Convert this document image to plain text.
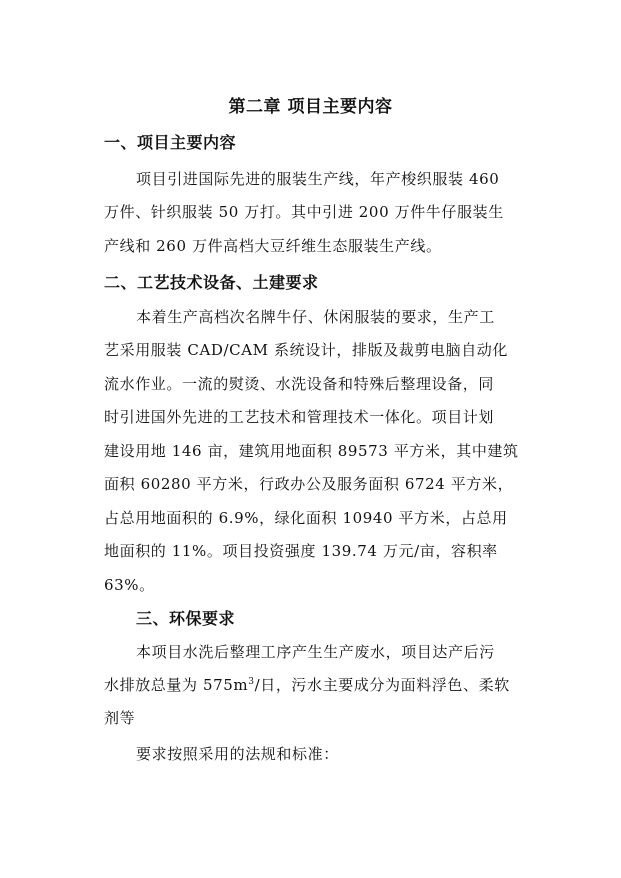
第二章 项目主要内容
一、项目主要内容
项目引进国际先进的服装生产线，年产梭织服装 460
万件、针织服装 50 万打。其中引进 200 万件牛仔服装生
产线和 260 万件高档大豆纤维生态服装生产线。
二、工艺技术设备、土建要求
本着生产高档次名牌牛仔、休闲服装的要求，生产工
艺采用服装 CAD/CAM 系统设计，排版及裁剪电脑自动化
流水作业。一流的熨烫、水洗设备和特殊后整理设备，同
时引进国外先进的工艺技术和管理技术一体化。项目计划
建设用地 146 亩，建筑用地面积 89573 平方米，其中建筑
面积 60280 平方米，行政办公及服务面积 6724 平方米，
占总用地面积的 6.9%，绿化面积 10940 平方米，占总用
地面积的 11%。项目投资强度 139.74 万元/亩，容积率
63%。
三、环保要求
本项目水洗后整理工序产生生产废水，项目达产后污
水排放总量为 $575m^3/$日，污水主要成分为面料浮色、柔软
剂等
要求按照采用的法规和标准：
